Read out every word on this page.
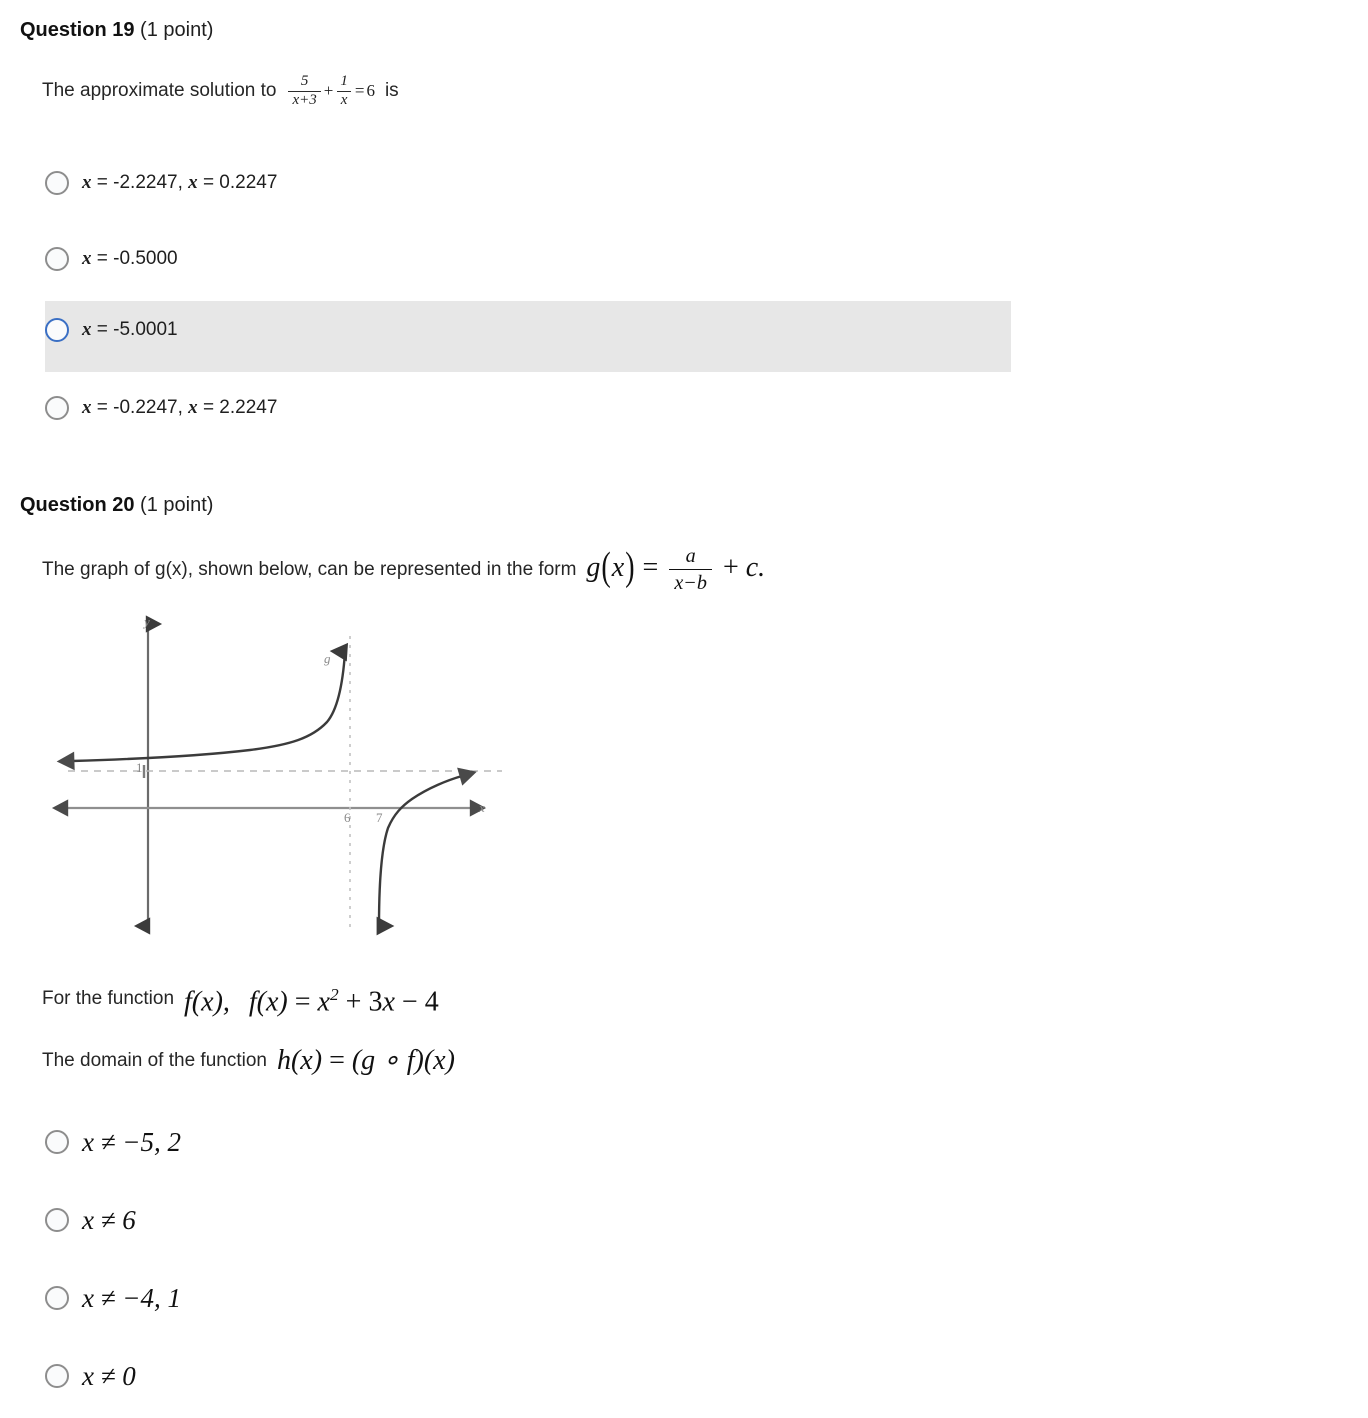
Question 19 (1 point)
The approximate solution to $\frac{5}{x+3} + \frac{1}{x} = 6$ is
x = -2.2247, x = 0.2247
x = -0.5000
x = -5.0001
x = -0.2247, x = 2.2247
Question 20 (1 point)
The graph of g(x), shown below, can be represented in the form $g(x) = \frac{a}{x-b} + c$.
y
x
g
1
6 7
For the function f(x), $f(x) = x^2 + 3x - 4$
The domain of the function h(x) = (g ∘ f)(x)
x ≠ −5, 2
x ≠ 6
x ≠ −4, 1
x ≠ 0
